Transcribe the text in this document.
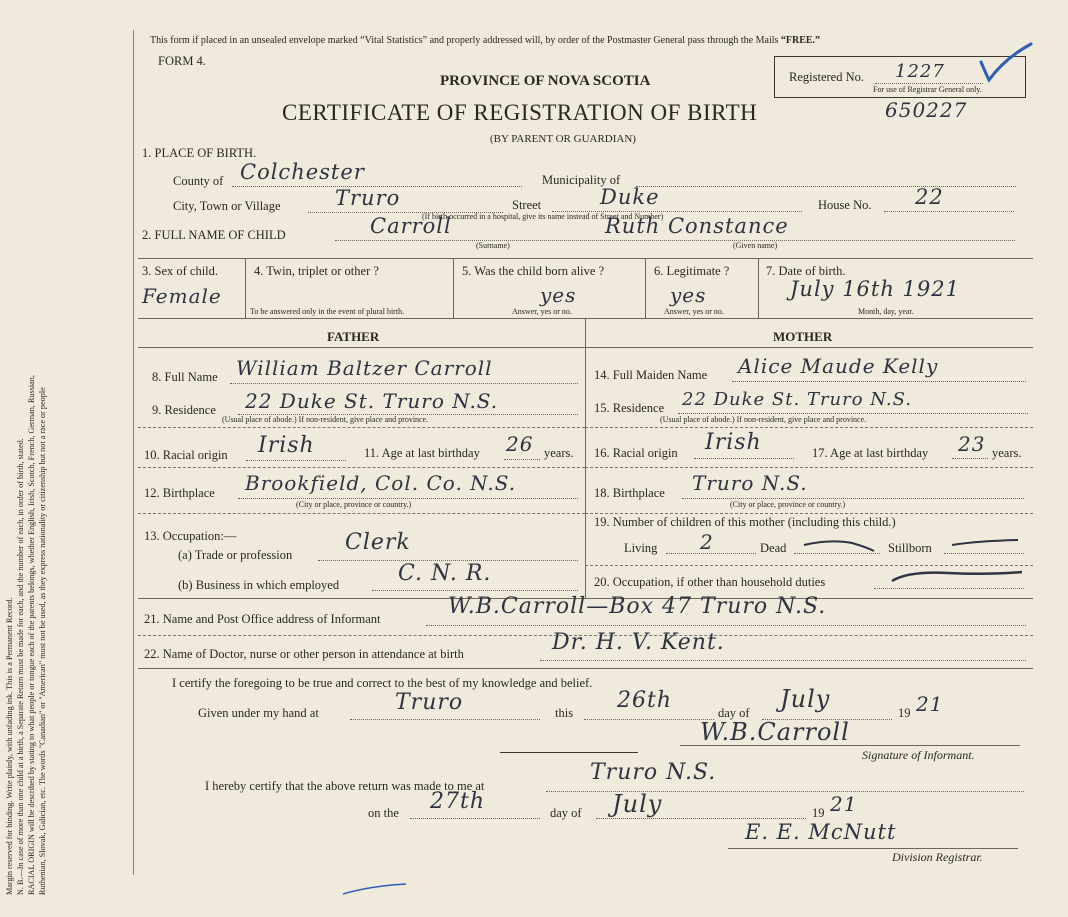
Margin reserved for binding. Write plainly, with unfading ink. This is a Permanent Record. N. B.—In case of more than one child at a birth, a Separate Return must be made for each, and the number of each, in order of birth, stated. RACIAL ORIGIN will be described by stating to what people or tongue each of the parents belongs, whether English, Irish, Scotch, French, German, Russian, Ruthenian, Slovak, Galician, etc. The words "Canadian" or "American" must not be used, as they express nationality or citizenship but not a race or people
This form if placed in an unsealed envelope marked “Vital Statistics” and properly addressed will, by order of the Postmaster General pass through the Mails “FREE.”
FORM 4.
PROVINCE OF NOVA SCOTIA
CERTIFICATE OF REGISTRATION OF BIRTH	650227
(BY PARENT OR GUARDIAN)
Registered No. 1227
For use of Registrar General only.
1. PLACE OF BIRTH.
County of Colchester	Municipality of
City, Town or Village	Truro	Street	Duke	House No. 22
(If birth occurred in a hospital, give its name instead of Street and Number)
2. FULL NAME OF CHILD	Carroll	Ruth Constance
(Surname)	(Given name)
3. Sex of child.
Female
4. Twin, triplet or other ?
To be answered only in the event of plural birth.
5. Was the child born alive ?
yes
Answer, yes or no.
6. Legitimate ?
yes
Answer, yes or no.
7. Date of birth.
July 16th 1921
Month, day, year.
FATHER	MOTHER
8. Full Name William Baltzer Carroll
9. Residence 22 Duke St. Truro N.S.
(Usual place of abode.) If non-resident, give place and province.
10. Racial origin Irish	11. Age at last birthday 26 years.
12. Birthplace Brookfield, Col. Co. N.S.
(City or place, province or country.)
13. Occupation:—
(a) Trade or profession Clerk
(b) Business in which employed	C. N. R.
14. Full Maiden Name Alice Maude Kelly
15. Residence 22 Duke St. Truro N.S.
(Usual place of abode.) If non-resident, give place and province.
16. Racial origin Irish	17. Age at last birthday 23 years.
18. Birthplace Truro N.S.
(City or place, province or country.)
19. Number of children of this mother (including this child.)
Living 2	Dead	Stillborn
20. Occupation, if other than household duties
21. Name and Post Office address of Informant	W.B.Carroll—Box 47 Truro N.S.
22. Name of Doctor, nurse or other person in attendance at birth	Dr. H. V. Kent.
I certify the foregoing to be true and correct to the best of my knowledge and belief.
Given under my hand at	Truro	this 26th	day of July	19 21
W.B.Carroll
Signature of Informant.
I hereby certify that the above return was made to me at
Truro N.S.
on the 27th	day of July	19 21
E. E. McNutt
Division Registrar.
